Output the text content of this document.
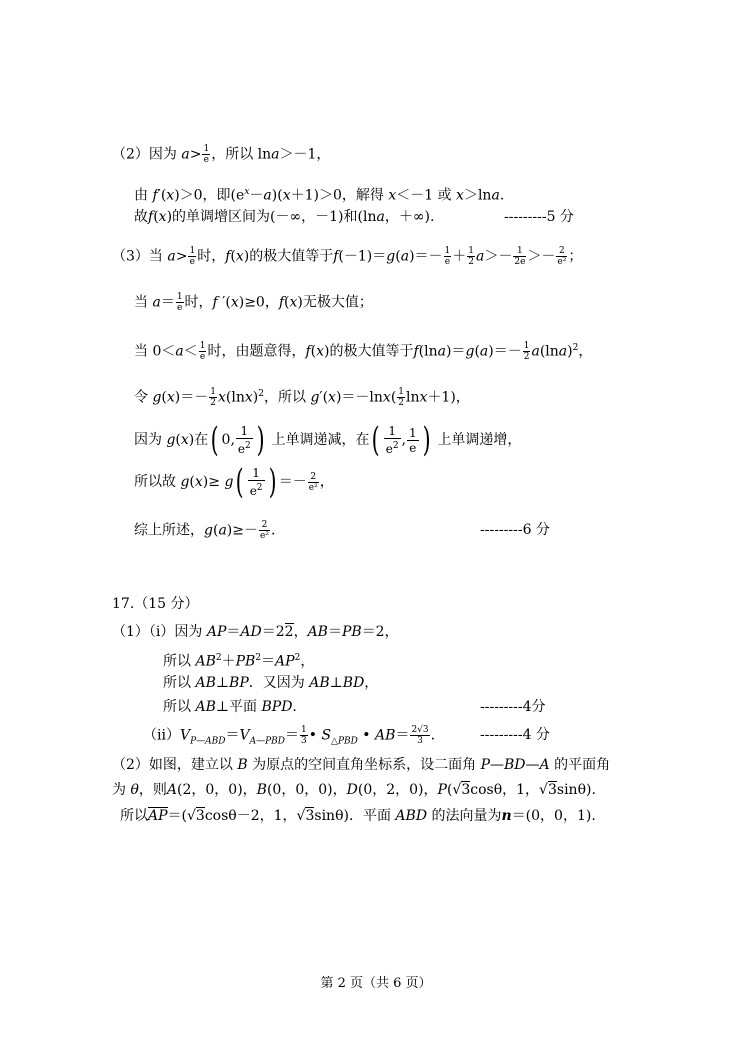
（2）因为 $a> \frac{1}{e}$ ，所以 lna＞－1，
由 f′(x)＞0，即$(e^x-a)(x+1)>0$，解得 x＜－1 或 x＞lna.
故f(x)的单调增区间为(－∞，－1)和(lna，＋∞).	---------5 分
（3）当 $a> \frac{1}{e}$ 时，f(x)的极大值等于$f(-1)=g(a)=- \frac{1}{e} + \frac{1}{2} a>- \frac{1}{2e} >- \frac{2}{\text{e²}}$ ；
当 $a= \frac{1}{e}$ 时，f ′(x)≥0，f(x)无极大值；
当 $0<a< \frac{1}{e}$ 时，由题意得，f(x)的极大值等于$f(\ln a)=g(a)=- \frac{1}{2} a(\ln a)^2$，
令 $g(x)=- \frac{1}{2} x(\ln x)^2$，所以 $g'(x)=-\ln x( \frac{1}{2} \ln x+1)$，
因为 g(x)在( 0, $\frac{1}{e^2}$ ) 上单调递减，在( $\frac{1}{e^2}$ , $\frac{1}{e}$ ) 上单调递增，
所以故 $g(x)\ge g( \frac{1}{e^2}$ ) ＝－ $\frac{2}{\text{e²}}$ ，
综上所述，$g(a)\ge- \frac{2}{\text{e²}}$ .	---------6 分
17.（15 分）
（1）（i）因为 AP＝AD＝22，AB＝PB＝2，
所以 $AB^2+PB^2=AP^2$，
所以 AB⊥BP．又因为 AB⊥BD，
所以 AB⊥平面 BPD.	---------4分
$(ii)V_{P—ABD}=V_{A—PBD}= \frac{1}{3}$ • $S_{\triangle PBD}$ • $AB= \frac{2√3}{3}$ .	---------4 分
（2）如图，建立以 B 为原点的空间直角坐标系，设二面角 P—BD—A 的平面角
为 θ，则A(2，0，0)，B(0，0，0)，D(0，2，0)，P(√3cosθ，1，√3sinθ).
所以AP＝(√3cosθ－2，1，√3sinθ)．平面 ABD 的法向量为n＝(0，0，1).
第 2 页（共 6 页）
